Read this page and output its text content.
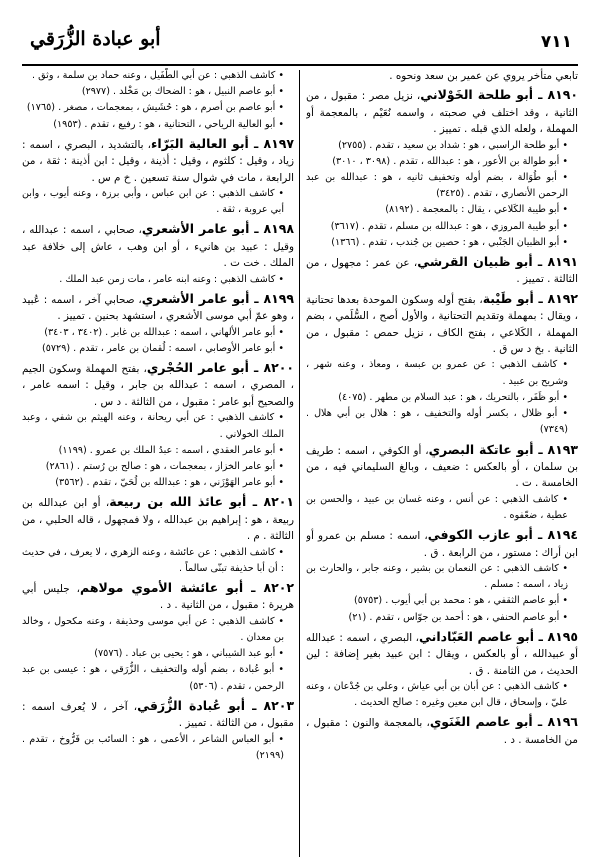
٧١١
أبو عبادة الزُّرَقي

تابعي متأخر يروي عن عمير بن سعد ونحوه .

٨١٩٠ ـ أبو طلحة الخَوْلاني، نزيل مصر : مقبول ، من الثانية ، وقد اختلف في صحبته ، واسمه نُعَيْم ، بالمعجمة أو المهملة ، ولعله الذي قبله . تمييز .

• أبو طلحة الراسبي ، هو : شداد بن سعيد ، تقدم . (٢٧٥٥)

• أبو طوالة بن الأعور ، هو : عبدالله ، تقدم . (٣٠٩٨ ، ٣٠١٠)

• أبو طُوَالة ، بضم أوله وتخفيف ثانيه ، هو : عبدالله بن عبد الرحمن الأنصاري ، تقدم . (٣٤٢٥)

• أبو طيبة الكَلاعي ، يقال : بالمعجمة . (٨١٩٢)

• أبو طيبة المروزي ، هو : عبدالله بن مسلم ، تقدم . (٣٦١٧)

• أبو الظبيان الجَنْبي ، هو : حصين بن جُندب ، تقدم . (١٣٦٦)

٨١٩١ ـ أبو ظبيان القرشي، عن عمر : مجهول ، من الثالثة . تمييز .

٨١٩٢ ـ أبو طَيْبة، بفتح أوله وسكون الموحدة بعدها تحتانية ، ويقال : بمهملة وتقديم التحتانية ، والأول أصح ، السُّلَمي ، بضم المهملة ، الكَلاعي ، بفتح الكاف ، نزيل حمص : مقبول ، من الثانية . بخ د س ق .

• كاشف الذهبي : عن عمرو بن عبسة ، ومعاذ ، وعنه شهر ، وشريح بن عبيد .

• أبو ظَفَر ، بالتحريك ، هو : عبد السلام بن مطهر . (٤٠٧٥)

• أبو ظلال ، بكسر أوله والتخفيف ، هو : هلال بن أبي هلال . (٧٣٤٩)

٨١٩٣ ـ أبو عاتكة البصري، أو الكوفي ، اسمه : طريف بن سلمان ، أو بالعكس : ضعيف ، وبالغ السليماني فيه ، من الخامسة . ت .

• كاشف الذهبي : عن أنس ، وعنه غسان بن عبيد ، والحسن بن عطية ، ضعّفوه .

٨١٩٤ ـ أبو عازب الكوفي، اسمه : مسلم بن عمرو أو ابن أراك : مستور ، من الرابعة . ق .

• كاشف الذهبي : عن النعمان بن بشير ، وعنه جابر ، والحارث بن زياد ، اسمه : مسلم .

• أبو عاصم الثقفي ، هو : محمد بن أبي أيوب . (٥٧٥٣)

• أبو عاصم الحنفي ، هو : أحمد بن جوّاس ، تقدم . (٢١)

٨١٩٥ ـ أبو عاصم العَبّاداني، البصري ، اسمه : عبدالله أو عبيدالله ، أو بالعكس ، ويقال : ابن عبيد بغير إضافة : لين الحديث ، من الثامنة . ق .

• كاشف الذهبي : عن أبان بن أبي عياش ، وعلي بن جُدْعان ، وعنه عليّ ، وإسحاق ، قال ابن معين وغيره : صالح الحديث .

٨١٩٦ ـ أبو عاصم الغَنَوي، بالمعجمة والنون : مقبول ، من الخامسة . د .

• كاشف الذهبي : عن أبي الطُّفَيل ، وعنه حماد بن سلمة ، وثق .

• أبو عاصم النبيل ، هو : الضحاك بن مَخْلد . (٢٩٧٧)

• أبو عاصم بن أصرم ، هو : حُشَيش ، بمعجمات ، مصغر . (١٧٦٥)

• أبو العالية الرياحي ، التحتانية ، هو : رفيع ، تقدم . (١٩٥٣)

٨١٩٧ ـ أبو العالية البَرّاء، بالتشديد ، البصري ، اسمه : زياد ، وقيل : كلثوم ، وقيل : أذينة ، وقيل : ابن أذينة : ثقة ، من الرابعة ، مات في شوال سنة تسعين . خ م س .

• كاشف الذهبي : عن ابن عباس ، وأبي برزة ، وعنه أيوب ، وابن أبي عروبة ، ثقة .

٨١٩٨ ـ أبو عامر الأشعري، صحابي ، اسمه : عبدالله ، وقيل : عبيد بن هانيء ، أو ابن وهب ، عاش إلى خلافة عبد الملك . خت ت .

• كاشف الذهبي : وعنه ابنه عامر ، مات زمن عبد الملك .

٨١٩٩ ـ أبو عامر الأشعري، صحابي آخر ، اسمه : عُبيد ، وهو عمّ أبي موسى الأشعري ، استشهد بحنين . تمييز .

• أبو عامر الألهاني ، اسمه : عبدالله بن غابر . (٣٤٠٢ ، ٣٤٠٣)

• أبو عامر الأوصابي ، اسمه : لُقمان بن عامر ، تقدم . (٥٧٢٩)

٨٢٠٠ ـ أبو عامر الحُجْري، بفتح المهملة وسكون الجيم ، المصري ، اسمه : عبدالله بن جابر ، وقيل : اسمه عامر ، والصحيح أبو عامر : مقبول ، من الثالثة . د س .

• كاشف الذهبي : عن أبي ريحانة ، وعنه الهيثم بن شفي ، وعبد الملك الخولاني .

• أبو عامر العقدي ، اسمه : عبدُ الملك بن عمرو . (١١٩٩)

• أبو عامر الخزاز ، بمعجمات ، هو : صالح بن رُستم . (٢٨٦١)

• أبو عامر الهَوْزَني ، هو : عبدالله بن لُحَيّ ، تقدم . (٣٥٦٢)

٨٢٠١ ـ أبو عائذ الله بن ربيعة، أو ابن عبدالله بن ربيعة ، هو : إبراهيم بن عبدالله ، ولا فمجهول ، قاله الحلبي ، من الثالثة . م .

• كاشف الذهبي : عن عائشة ، وعنه الزهري ، لا يعرف ، في حديث : أن أبا حذيفة تبنّى سالماً .

٨٢٠٢ ـ أبو عائشة الأموي مولاهم، جليس أبي هريرة : مقبول ، من الثانية . د .

• كاشف الذهبي : عن أبي موسى وحذيفة ، وعنه مكحول ، وخالد بن معدان .

• أبو عبد الشيباني ، هو : يحيى بن عباد . (٧٥٧٦)

• أبو عُبادة ، بضم أوله والتخفيف ، الزُّرَقي ، هو : عيسى بن عبد الرحمن ، تقدم . (٥٣٠٦)

٨٢٠٣ ـ أبو عُبادة الزُّرَقي، آخر ، لا يُعرف اسمه : مقبول ، من الثالثة . تمييز .

• أبو العباس الشاعر ، الأعمى ، هو : السائب بن فَرُّوخ ، تقدم . (٢١٩٩)
